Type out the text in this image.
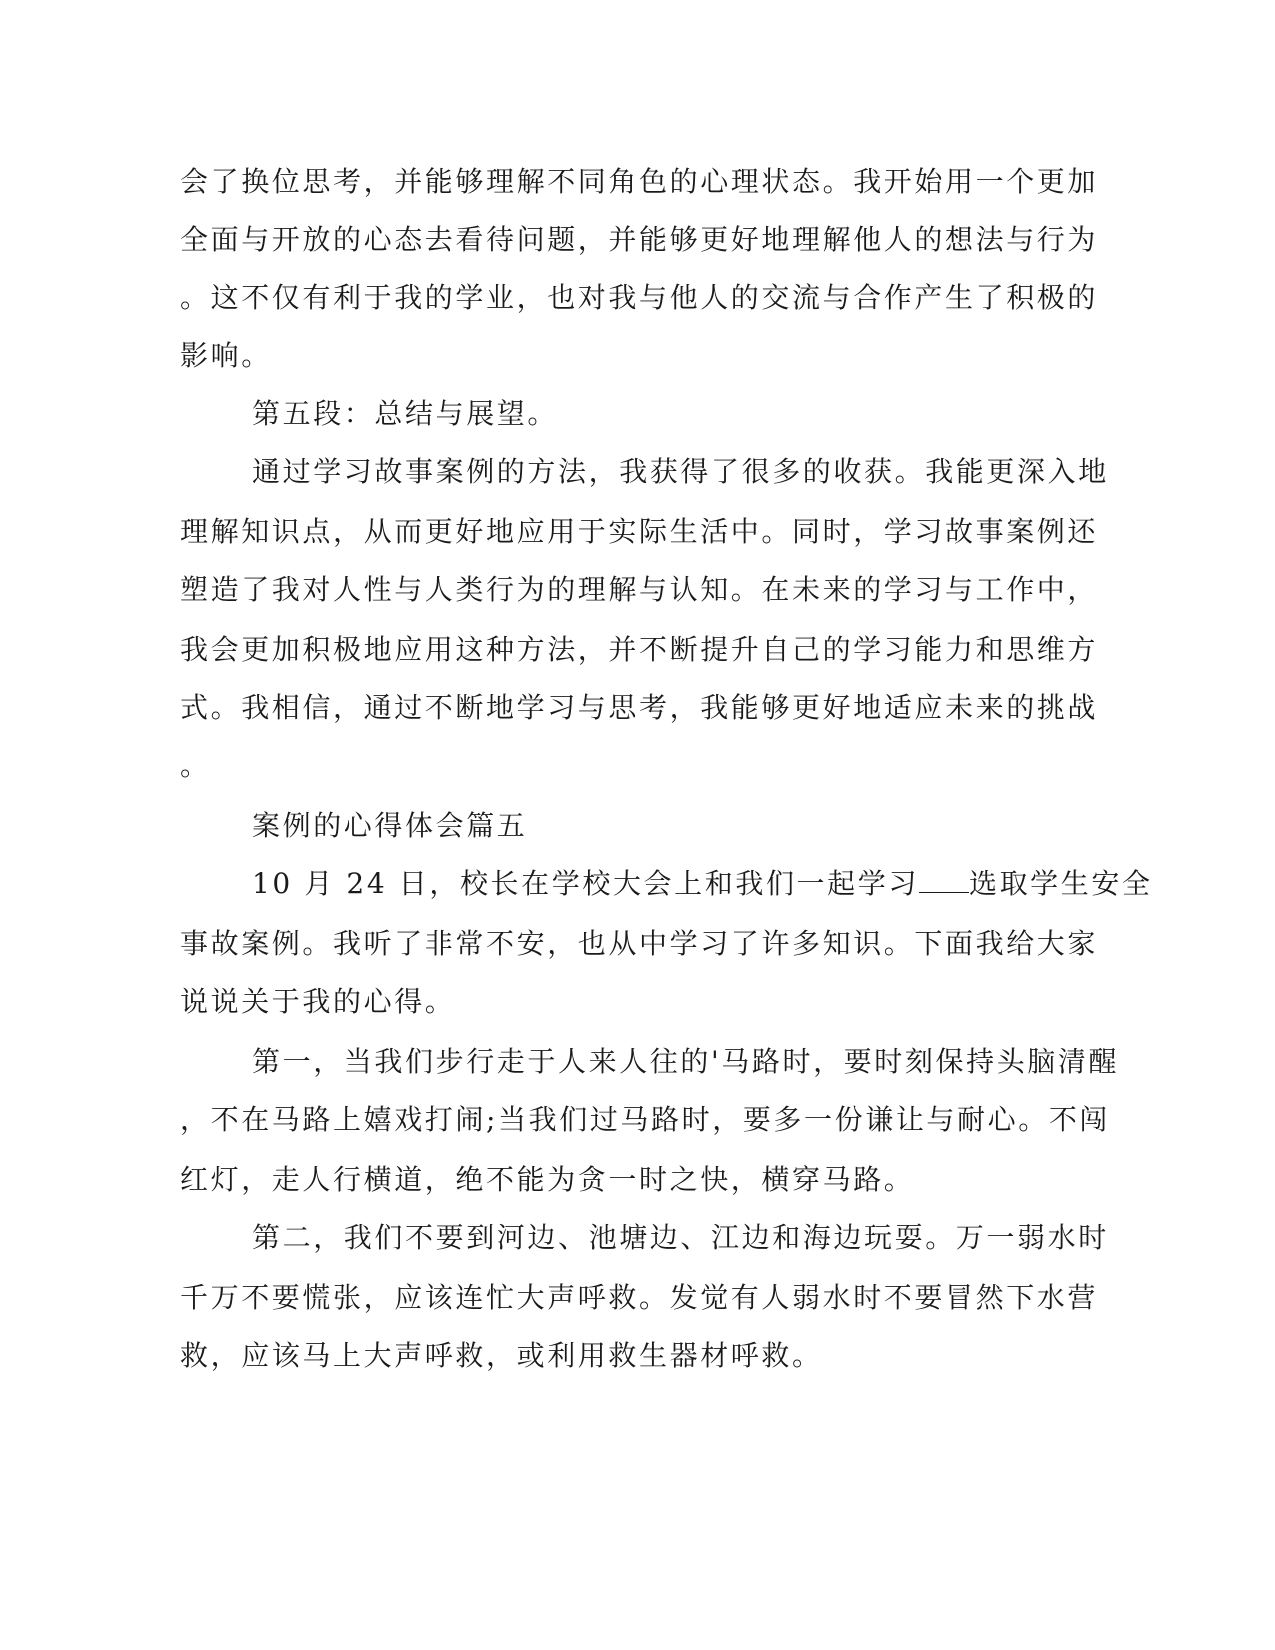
会了换位思考，并能够理解不同角色的心理状态。我开始用一个更加
全面与开放的心态去看待问题，并能够更好地理解他人的想法与行为
。这不仅有利于我的学业，也对我与他人的交流与合作产生了积极的
影响。
第五段：总结与展望。
通过学习故事案例的方法，我获得了很多的收获。我能更深入地
理解知识点，从而更好地应用于实际生活中。同时，学习故事案例还
塑造了我对人性与人类行为的理解与认知。在未来的学习与工作中，
我会更加积极地应用这种方法，并不断提升自己的学习能力和思维方
式。我相信，通过不断地学习与思考，我能够更好地适应未来的挑战
。
案例的心得体会篇五
10 月 24 日，校长在学校大会上和我们一起学习 选取学生安全
事故案例。我听了非常不安，也从中学习了许多知识。下面我给大家
说说关于我的心得。
第一，当我们步行走于人来人往的'马路时，要时刻保持头脑清醒
，不在马路上嬉戏打闹;当我们过马路时，要多一份谦让与耐心。不闯
红灯，走人行横道，绝不能为贪一时之快，横穿马路。
第二，我们不要到河边、池塘边、江边和海边玩耍。万一弱水时
千万不要慌张，应该连忙大声呼救。发觉有人弱水时不要冒然下水营
救，应该马上大声呼救，或利用救生器材呼救。
